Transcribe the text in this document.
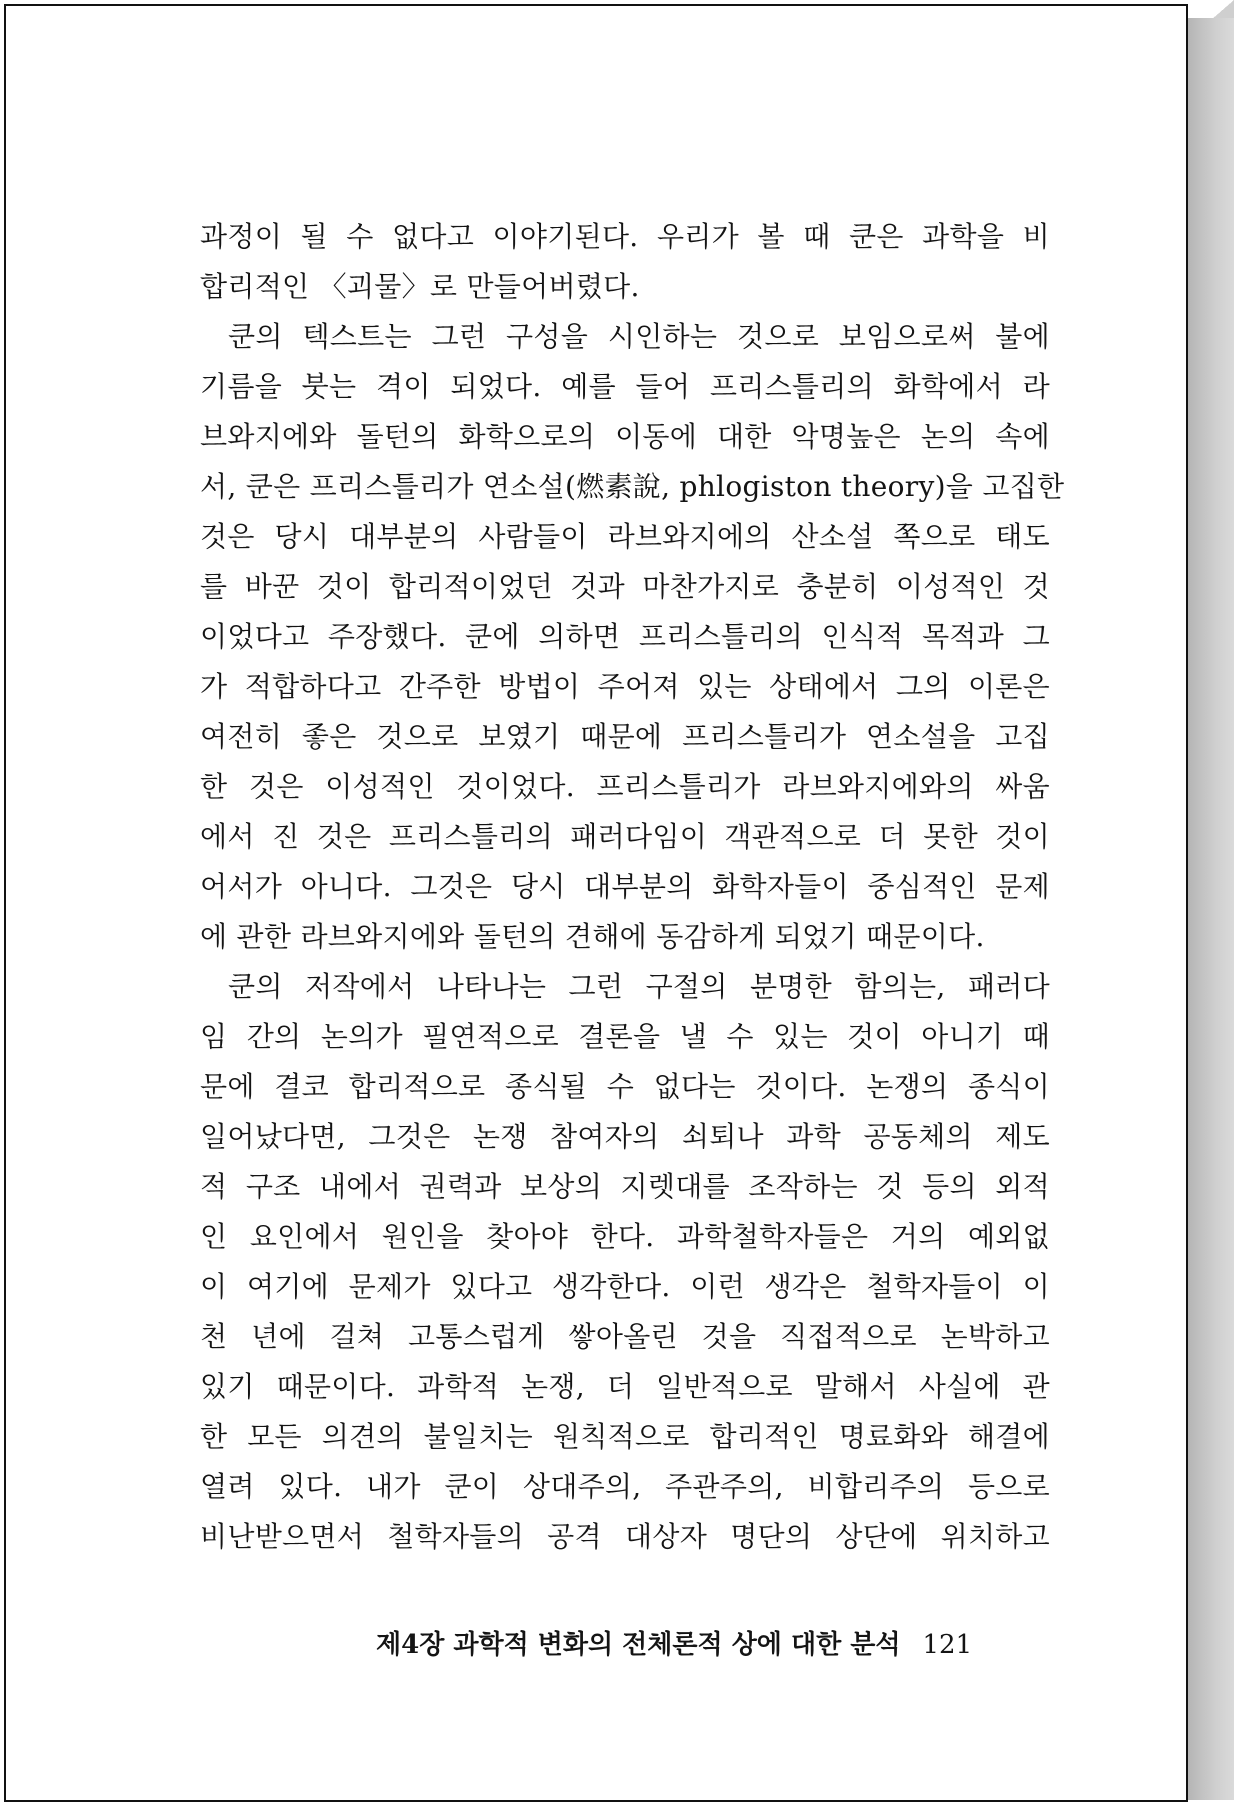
과정이 될 수 없다고 이야기된다. 우리가 볼 때 쿤은 과학을 비
합리적인 〈괴물〉로 만들어버렸다.
쿤의 텍스트는 그런 구성을 시인하는 것으로 보임으로써 불에
기름을 붓는 격이 되었다. 예를 들어 프리스틀리의 화학에서 라
브와지에와 돌턴의 화학으로의 이동에 대한 악명높은 논의 속에
서, 쿤은 프리스틀리가 연소설(燃素說, phlogiston theory)을 고집한
것은 당시 대부분의 사람들이 라브와지에의 산소설 쪽으로 태도
를 바꾼 것이 합리적이었던 것과 마찬가지로 충분히 이성적인 것
이었다고 주장했다. 쿤에 의하면 프리스틀리의 인식적 목적과 그
가 적합하다고 간주한 방법이 주어져 있는 상태에서 그의 이론은
여전히 좋은 것으로 보였기 때문에 프리스틀리가 연소설을 고집
한 것은 이성적인 것이었다. 프리스틀리가 라브와지에와의 싸움
에서 진 것은 프리스틀리의 패러다임이 객관적으로 더 못한 것이
어서가 아니다. 그것은 당시 대부분의 화학자들이 중심적인 문제
에 관한 라브와지에와 돌턴의 견해에 동감하게 되었기 때문이다.
쿤의 저작에서 나타나는 그런 구절의 분명한 함의는, 패러다
임 간의 논의가 필연적으로 결론을 낼 수 있는 것이 아니기 때
문에 결코 합리적으로 종식될 수 없다는 것이다. 논쟁의 종식이
일어났다면, 그것은 논쟁 참여자의 쇠퇴나 과학 공동체의 제도
적 구조 내에서 권력과 보상의 지렛대를 조작하는 것 등의 외적
인 요인에서 원인을 찾아야 한다. 과학철학자들은 거의 예외없
이 여기에 문제가 있다고 생각한다. 이런 생각은 철학자들이 이
천 년에 걸쳐 고통스럽게 쌓아올린 것을 직접적으로 논박하고
있기 때문이다. 과학적 논쟁, 더 일반적으로 말해서 사실에 관
한 모든 의견의 불일치는 원칙적으로 합리적인 명료화와 해결에
열려 있다. 내가 쿤이 상대주의, 주관주의, 비합리주의 등으로
비난받으면서 철학자들의 공격 대상자 명단의 상단에 위치하고
제4장 과학적 변화의 전체론적 상에 대한 분석 121
